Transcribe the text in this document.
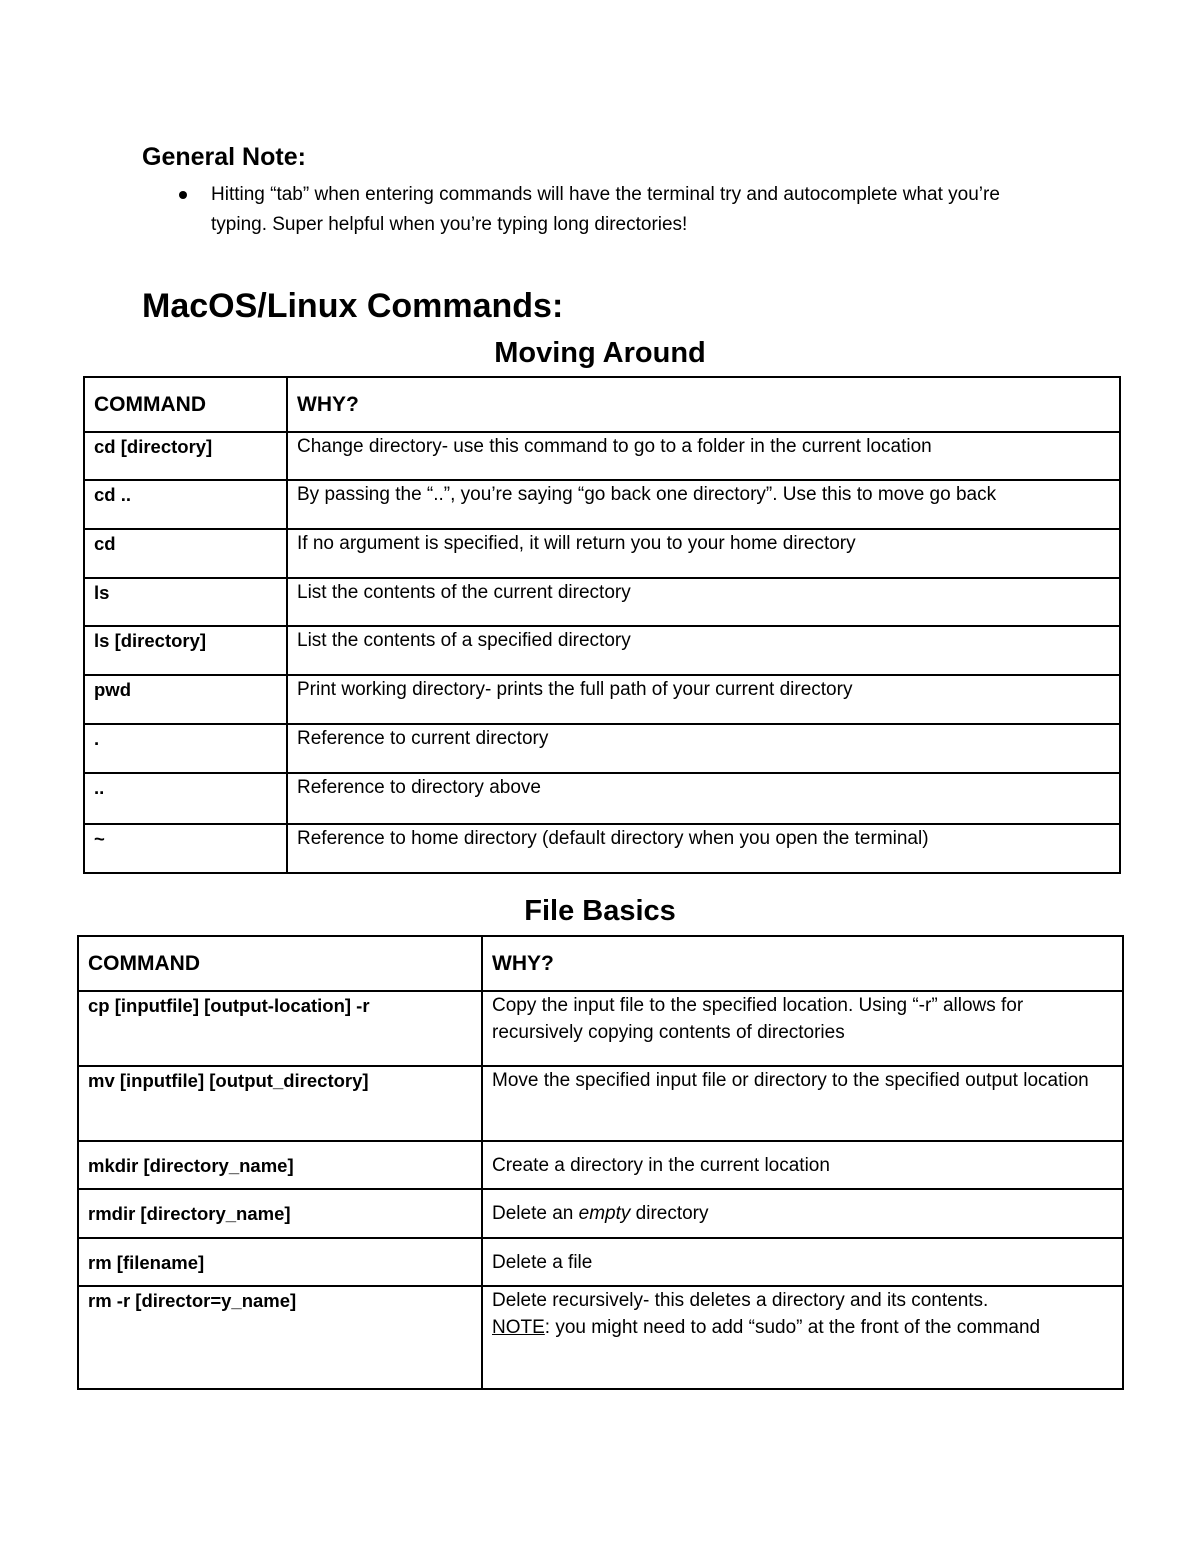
General Note:
Hitting “tab” when entering commands will have the terminal try and autocomplete what you’re typing. Super helpful when you’re typing long directories!
MacOS/Linux Commands:
Moving Around
COMMAND	WHY?
cd [directory]	Change directory- use this command to go to a folder in the current location
cd ..	By passing the “..”, you’re saying “go back one directory”. Use this to move go back
cd	If no argument is specified, it will return you to your home directory
ls	List the contents of the current directory
ls [directory]	List the contents of a specified directory
pwd	Print working directory- prints the full path of your current directory
.	Reference to current directory
..	Reference to directory above
~	Reference to home directory (default directory when you open the terminal)
File Basics
COMMAND	WHY?
cp [inputfile] [output-location] -r	Copy the input file to the specified location. Using “-r” allows for recursively copying contents of directories
mv [inputfile] [output_directory]	Move the specified input file or directory to the specified output location
mkdir [directory_name]	Create a directory in the current location
rmdir [directory_name]	Delete an empty directory
rm [filename]	Delete a file
rm -r [director=y_name]	Delete recursively- this deletes a directory and its contents.
NOTE: you might need to add “sudo” at the front of the command
